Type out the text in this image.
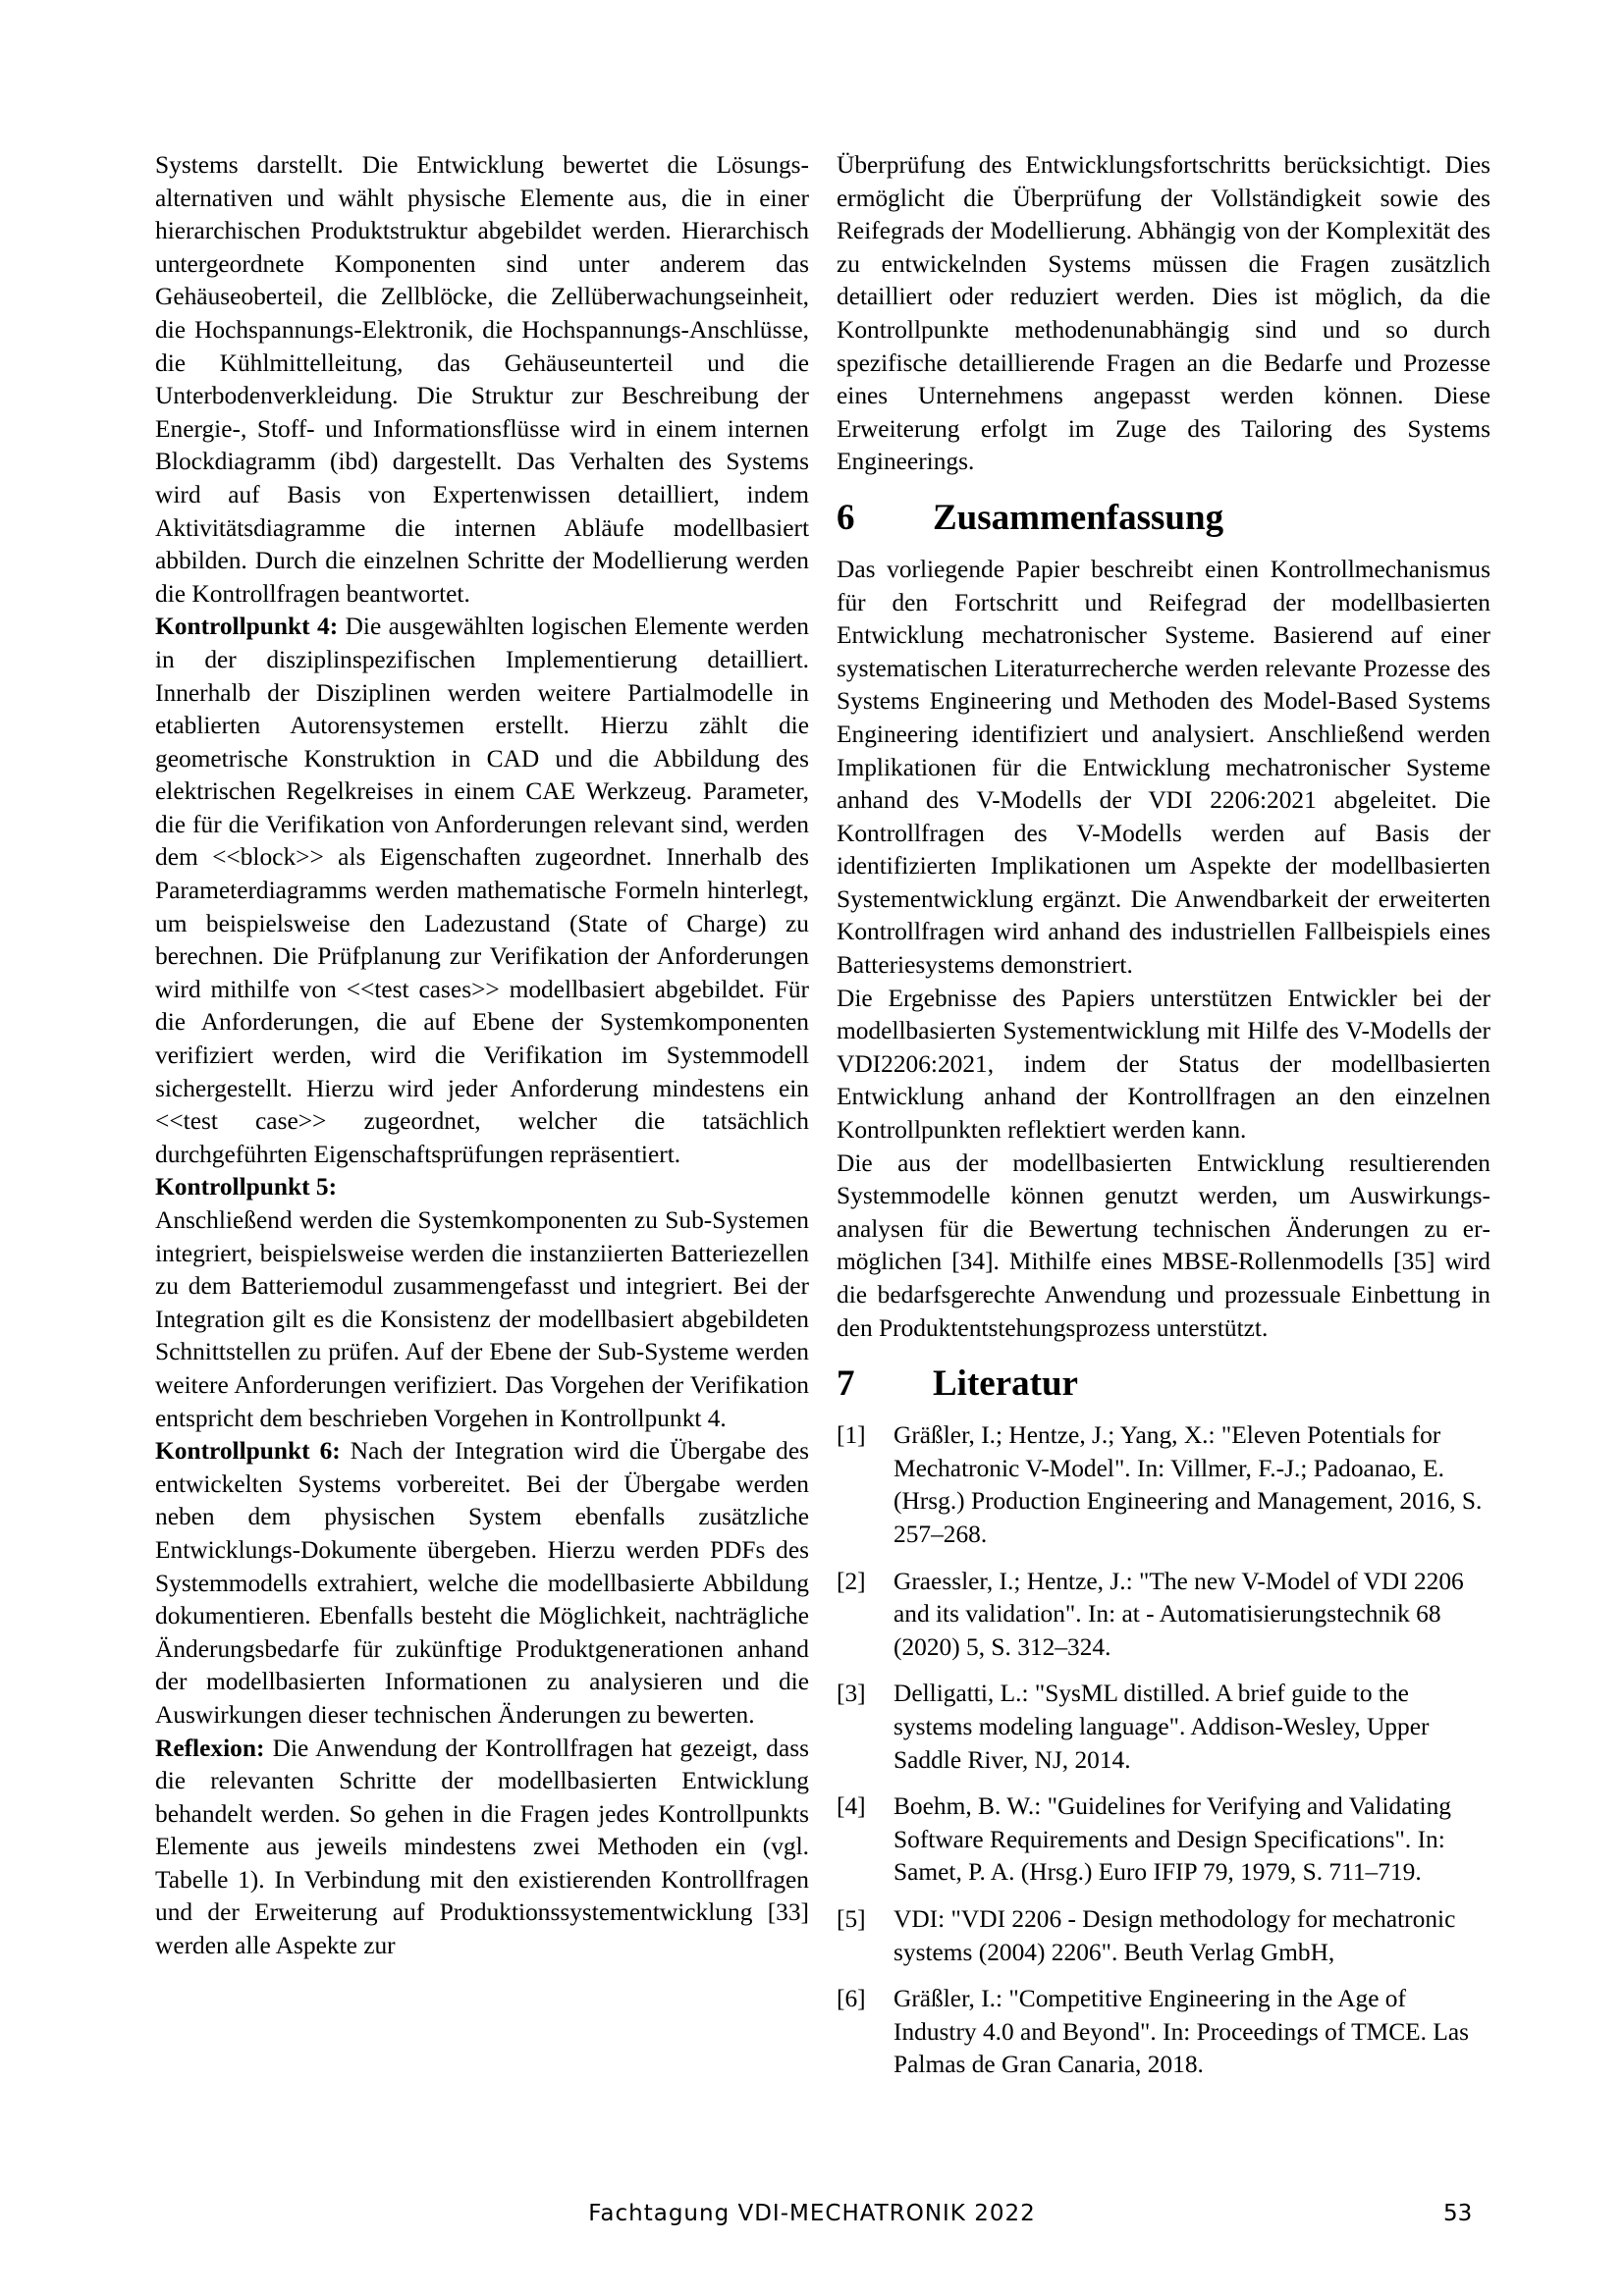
Systems darstellt. Die Entwicklung bewertet die Lösungsalternativen und wählt physische Elemente aus, die in einer hierarchischen Produktstruktur abgebildet werden. Hierarchisch untergeordnete Komponenten sind unter anderem das Gehäuseoberteil, die Zellblöcke, die Zellüberwachungseinheit, die Hochspannungs-Elektronik, die Hochspannungs-Anschlüsse, die Kühlmittelleitung, das Gehäuseunterteil und die Unterbodenverkleidung. Die Struktur zur Beschreibung der Energie-, Stoff- und Informationsflüsse wird in einem internen Blockdiagramm (ibd) dargestellt. Das Verhalten des Systems wird auf Basis von Expertenwissen detailliert, indem Aktivitätsdiagramme die internen Abläufe modellbasiert abbilden. Durch die einzelnen Schritte der Modellierung werden die Kontrollfragen beantwortet.

Kontrollpunkt 4: Die ausgewählten logischen Elemente werden in der disziplinspezifischen Implementierung detailliert. Innerhalb der Disziplinen werden weitere Partialmodelle in etablierten Autorensystemen erstellt. Hierzu zählt die geometrische Konstruktion in CAD und die Abbildung des elektrischen Regelkreises in einem CAE Werkzeug. Parameter, die für die Verifikation von Anforderungen relevant sind, werden dem <<block>> als Eigenschaften zugeordnet. Innerhalb des Parameterdiagramms werden mathematische Formeln hinterlegt, um beispielsweise den Ladezustand (State of Charge) zu berechnen. Die Prüfplanung zur Verifikation der Anforderungen wird mithilfe von <<test cases>> modellbasiert abgebildet. Für die Anforderungen, die auf Ebene der Systemkomponenten verifiziert werden, wird die Verifikation im Systemmodell sichergestellt. Hierzu wird jeder Anforderung mindestens ein <<test case>> zugeordnet, welcher die tatsächlich durchgeführten Eigenschaftsprüfungen repräsentiert.

Kontrollpunkt 5:

Anschließend werden die Systemkomponenten zu Sub-Systemen integriert, beispielsweise werden die instanziierten Batteriezellen zu dem Batteriemodul zusammengefasst und integriert. Bei der Integration gilt es die Konsistenz der modellbasiert abgebildeten Schnittstellen zu prüfen. Auf der Ebene der Sub-Systeme werden weitere Anforderungen verifiziert. Das Vorgehen der Verifikation entspricht dem beschrieben Vorgehen in Kontrollpunkt 4.

Kontrollpunkt 6: Nach der Integration wird die Übergabe des entwickelten Systems vorbereitet. Bei der Übergabe werden neben dem physischen System ebenfalls zusätzliche Entwicklungs-Dokumente übergeben. Hierzu werden PDFs des Systemmodells extrahiert, welche die modellbasierte Abbildung dokumentieren. Ebenfalls besteht die Möglichkeit, nachträgliche Änderungsbedarfe für zukünftige Produktgenerationen anhand der modellbasierten Informationen zu analysieren und die Auswirkungen dieser technischen Änderungen zu bewerten.

Reflexion: Die Anwendung der Kontrollfragen hat gezeigt, dass die relevanten Schritte der modellbasierten Entwicklung behandelt werden. So gehen in die Fragen jedes Kontrollpunkts Elemente aus jeweils mindestens zwei Methoden ein (vgl. Tabelle 1). In Verbindung mit den existierenden Kontrollfragen und der Erweiterung auf Produktionssystementwicklung [33] werden alle Aspekte zur

Überprüfung des Entwicklungsfortschritts berücksichtigt. Dies ermöglicht die Überprüfung der Vollständigkeit sowie des Reifegrads der Modellierung. Abhängig von der Komplexität des zu entwickelnden Systems müssen die Fragen zusätzlich detailliert oder reduziert werden. Dies ist möglich, da die Kontrollpunkte methodenunabhängig sind und so durch spezifische detaillierende Fragen an die Bedarfe und Prozesse eines Unternehmens angepasst werden können. Diese Erweiterung erfolgt im Zuge des Tailoring des Systems Engineerings.

6 Zusammenfassung

Das vorliegende Papier beschreibt einen Kontrollmechanismus für den Fortschritt und Reifegrad der modellbasierten Entwicklung mechatronischer Systeme. Basierend auf einer systematischen Literaturrecherche werden relevante Prozesse des Systems Engineering und Methoden des Model-Based Systems Engineering identifiziert und analysiert. Anschließend werden Implikationen für die Entwicklung mechatronischer Systeme anhand des V-Modells der VDI 2206:2021 abgeleitet. Die Kontrollfragen des V-Modells werden auf Basis der identifizierten Implikationen um Aspekte der modellbasierten Systementwicklung ergänzt. Die Anwendbarkeit der erweiterten Kontrollfragen wird anhand des industriellen Fallbeispiels eines Batteriesystems demonstriert.

Die Ergebnisse des Papiers unterstützen Entwickler bei der modellbasierten Systementwicklung mit Hilfe des V-Modells der VDI2206:2021, indem der Status der modellbasierten Entwicklung anhand der Kontrollfragen an den einzelnen Kontrollpunkten reflektiert werden kann.

Die aus der modellbasierten Entwicklung resultierenden Systemmodelle können genutzt werden, um Auswirkungsanalysen für die Bewertung technischen Änderungen zu ermöglichen [34]. Mithilfe eines MBSE-Rollenmodells [35] wird die bedarfsgerechte Anwendung und prozessuale Einbettung in den Produktentstehungsprozess unterstützt.

7 Literatur
[1]	Gräßler, I.; Hentze, J.; Yang, X.: "Eleven Potentials for Mechatronic V-Model". In: Villmer, F.-J.; Padoanao, E. (Hrsg.) Production Engineering and Management, 2016, S. 257–268.
[2]	Graessler, I.; Hentze, J.: "The new V-Model of VDI 2206 and its validation". In: at - Automatisierungstechnik 68 (2020) 5, S. 312–324.
[3]	Delligatti, L.: "SysML distilled. A brief guide to the systems modeling language". Addison-Wesley, Upper Saddle River, NJ, 2014.
[4]	Boehm, B. W.: "Guidelines for Verifying and Validating Software Requirements and Design Specifications". In: Samet, P. A. (Hrsg.) Euro IFIP 79, 1979, S. 711–719.
[5]	VDI: "VDI 2206 - Design methodology for mechatronic systems (2004) 2206". Beuth Verlag GmbH,
[6]	Gräßler, I.: "Competitive Engineering in the Age of Industry 4.0 and Beyond". In: Proceedings of TMCE. Las Palmas de Gran Canaria, 2018.
Fachtagung VDI-MECHATRONIK 2022	53
